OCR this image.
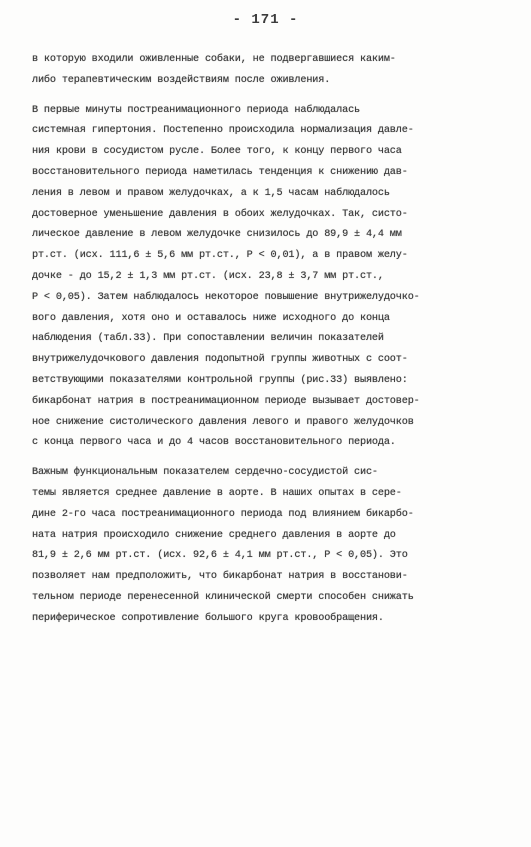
- 171 -
в которую входили оживленные собаки, не подвергавшиеся каким-
либо терапевтическим воздействиям после оживления.
В первые минуты постреанимационного периода наблюдалась
системная гипертония. Постепенно происходила нормализация давле-
ния крови в сосудистом русле. Более того, к концу первого часа
восстановительного периода наметилась тенденция к снижению дав-
ления в левом и правом желудочках, а к 1,5 часам наблюдалось
достоверное уменьшение давления в обоих желудочках. Так, систо-
лическое давление в левом желудочке снизилось до 89,9 ± 4,4 мм
рт.ст. (исх. 111,6 ± 5,6 мм рт.ст., P < 0,01), а в правом желу-
дочке - до 15,2 ± 1,3 мм рт.ст. (исх. 23,8 ± 3,7 мм рт.ст.,
P < 0,05). Затем наблюдалось некоторое повышение внутрижелудочко-
вого давления, хотя оно и оставалось ниже исходного до конца
наблюдения (табл.33). При сопоставлении величин показателей
внутрижелудочкового давления подопытной группы животных с соот-
ветствующими показателями контрольной группы (рис.33) выявлено:
бикарбонат натрия в постреанимационном периоде вызывает достовер-
ное снижение систолического давления левого и правого желудочков
с конца первого часа и до 4 часов восстановительного периода.
Важным функциональным показателем сердечно-сосудистой сис-
темы является среднее давление в аорте. В наших опытах в сере-
дине 2-го часа постреанимационного периода под влиянием бикарбо-
ната натрия происходило снижение среднего давления в аорте до
81,9 ± 2,6 мм рт.ст. (исх. 92,6 ± 4,1 мм рт.ст., P < 0,05). Это
позволяет нам предположить, что бикарбонат натрия в восстанови-
тельном периоде перенесенной клинической смерти способен снижать
периферическое сопротивление большого круга кровообращения.
